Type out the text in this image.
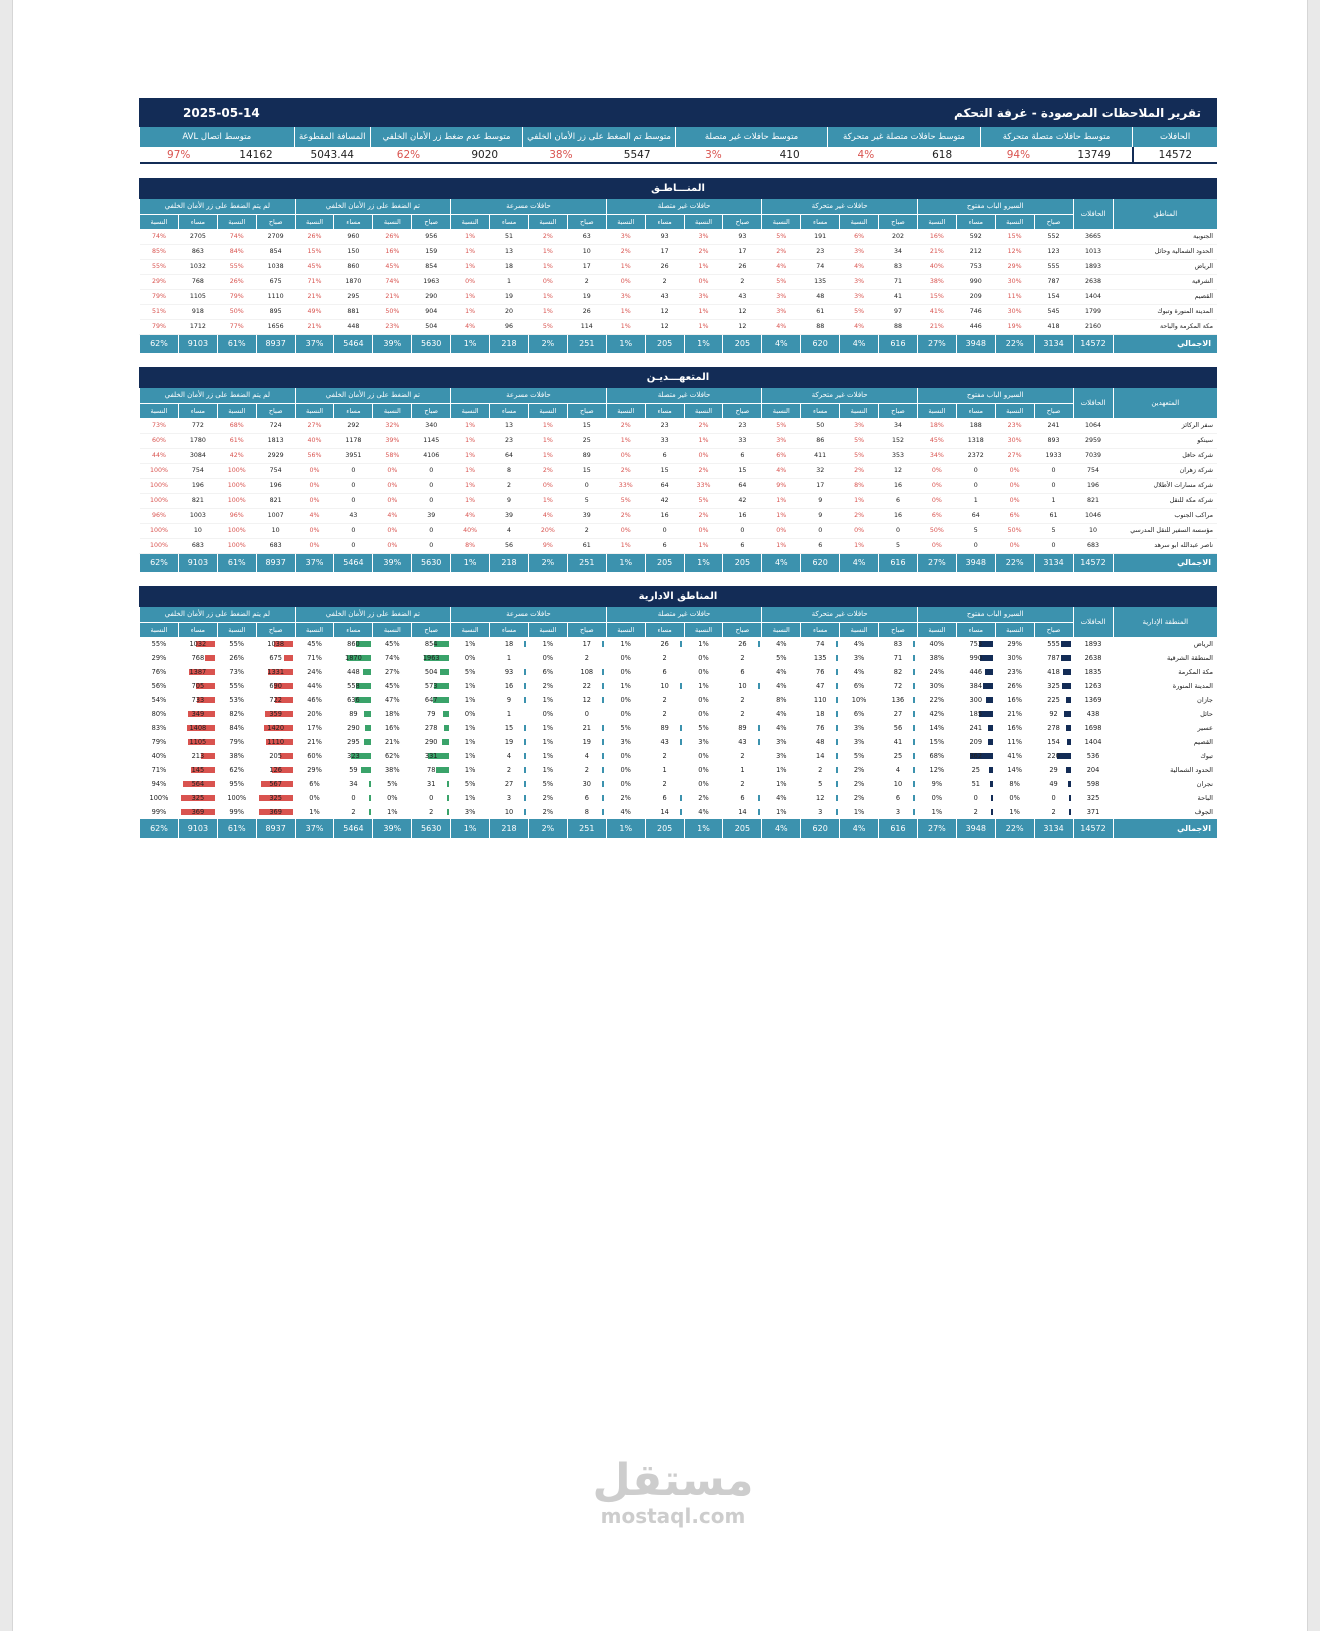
تقرير الملاحظات المرصودة - غرفة التحكم
2025-05-14
الحافلات	متوسط حافلات متصلة متحركة		متوسط حافلات متصلة غير متحركة		متوسط حافلات غير متصلة		متوسط تم الضغط على زر الأمان الخلفي		متوسط عدم ضغط زر الأمان الخلفي		المسافة المقطوعة	متوسط اتصال AVL	
14572	13749	94%	618	4%	410	3%	5547	38%	9020	62%	5043.44	14162	97%
المنـــاطـق
المناطق	الحافلات	السيرو الباب مفتوح				حافلات غير متحركة				حافلات غير متصلة				حافلات مسرعة				تم الضغط على زر الأمان الخلفي				لم يتم الضغط على زر الأمان الخلفي			
		صباح	النسبة	مساء	النسبة	صباح	النسبة	مساء	النسبة	صباح	النسبة	مساء	النسبة	صباح	النسبة	مساء	النسبة	صباح	النسبة	مساء	النسبة	صباح	النسبة	مساء	النسبة
الجنوبية	3665	552	15%	592	16%	202	6%	191	5%	93	3%	93	3%	63	2%	51	1%	956	26%	960	26%	2709	74%	2705	74%
الحدود الشمالية وحائل	1013	123	12%	212	21%	34	3%	23	2%	17	2%	17	2%	10	1%	13	1%	159	16%	150	15%	854	84%	863	85%
الرياض	1893	555	29%	753	40%	83	4%	74	4%	26	1%	26	1%	17	1%	18	1%	854	45%	860	45%	1038	55%	1032	55%
الشرقية	2638	787	30%	990	38%	71	3%	135	5%	2	0%	2	0%	2	0%	1	0%	1963	74%	1870	71%	675	26%	768	29%
القصيم	1404	154	11%	209	15%	41	3%	48	3%	43	3%	43	3%	19	1%	19	1%	290	21%	295	21%	1110	79%	1105	79%
المدينة المنورة وتبوك	1799	545	30%	746	41%	97	5%	61	3%	12	1%	12	1%	26	1%	20	1%	904	50%	881	49%	895	50%	918	51%
مكة المكرمة والباحة	2160	418	19%	446	21%	88	4%	88	4%	12	1%	12	1%	114	5%	96	4%	504	23%	448	21%	1656	77%	1712	79%
الاجمالي	14572	3134	22%	3948	27%	616	4%	620	4%	205	1%	205	1%	251	2%	218	1%	5630	39%	5464	37%	8937	61%	9103	62%
المتعهـــديـن
المتعهدين	الحافلات	السيرو الباب مفتوح				حافلات غير متحركة				حافلات غير متصلة				حافلات مسرعة				تم الضغط على زر الأمان الخلفي				لم يتم الضغط على زر الأمان الخلفي			
		صباح	النسبة	مساء	النسبة	صباح	النسبة	مساء	النسبة	صباح	النسبة	مساء	النسبة	صباح	النسبة	مساء	النسبة	صباح	النسبة	مساء	النسبة	صباح	النسبة	مساء	النسبة
سفر الركائز	1064	241	23%	188	18%	34	3%	50	5%	23	2%	23	2%	15	1%	13	1%	340	32%	292	27%	724	68%	772	73%
سينكو	2959	893	30%	1318	45%	152	5%	86	3%	33	1%	33	1%	25	1%	23	1%	1145	39%	1178	40%	1813	61%	1780	60%
شركة حافل	7039	1933	27%	2372	34%	353	5%	411	6%	6	0%	6	0%	89	1%	64	1%	4106	58%	3951	56%	2929	42%	3084	44%
شركة زهران	754	0	0%	0	0%	12	2%	32	4%	15	2%	15	2%	15	2%	8	1%	0	0%	0	0%	754	100%	754	100%
شركة مسارات الأطلال	196	0	0%	0	0%	16	8%	17	9%	64	33%	64	33%	0	0%	2	1%	0	0%	0	0%	196	100%	196	100%
شركة مكة للنقل	821	1	0%	1	0%	6	1%	9	1%	42	5%	42	5%	5	1%	9	1%	0	0%	0	0%	821	100%	821	100%
مراكب الجنوب	1046	61	6%	64	6%	16	2%	9	1%	16	2%	16	2%	39	4%	39	4%	39	4%	43	4%	1007	96%	1003	96%
مؤسسة السفير للنقل المدرسي	10	5	50%	5	50%	0	0%	0	0%	0	0%	0	0%	2	20%	4	40%	0	0%	0	0%	10	100%	10	100%
ناصر عبدالله ابو سرهد	683	0	0%	0	0%	5	1%	6	1%	6	1%	6	1%	61	9%	56	8%	0	0%	0	0%	683	100%	683	100%
الاجمالي	14572	3134	22%	3948	27%	616	4%	620	4%	205	1%	205	1%	251	2%	218	1%	5630	39%	5464	37%	8937	61%	9103	62%
المناطق الادارية
المنطقة الإدارية	الحافلات	السيرو الباب مفتوح				حافلات غير متحركة				حافلات غير متصلة				حافلات مسرعة				تم الضغط على زر الأمان الخلفي				لم يتم الضغط على زر الأمان الخلفي			
		صباح	النسبة	مساء	النسبة	صباح	النسبة	مساء	النسبة	صباح	النسبة	مساء	النسبة	صباح	النسبة	مساء	النسبة	صباح	النسبة	مساء	النسبة	صباح	النسبة	مساء	النسبة
الرياض	1893	555	29%	753	40%	83	4%	74	4%	26	1%	26	1%	17	1%	18	1%	854	45%	860	45%	1038	55%	1032	55%
المنطقة الشرقية	2638	787	30%	990	38%	71	3%	135	5%	2	0%	2	0%	2	0%	1	0%	1963	74%	1870	71%	675	26%	768	29%
مكة المكرمة	1835	418	23%	446	24%	82	4%	76	4%	6	0%	6	0%	108	6%	93	5%	504	27%	448	24%	1331	73%	1387	76%
المدينة المنورة	1263	325	26%	384	30%	72	6%	47	4%	10	1%	10	1%	22	2%	16	1%	573	45%	558	44%	690	55%	705	56%
جازان	1369	225	16%	300	22%	136	10%	110	8%	2	0%	2	0%	12	1%	9	1%	647	47%	636	46%	722	53%	733	54%
حائل	438	92	21%	185	42%	27	6%	18	4%	2	0%	2	0%	0	0%	1	0%	79	18%	89	20%	359	82%	349	80%
عسير	1698	278	16%	241	14%	56	3%	76	4%	89	5%	89	5%	21	1%	15	1%	278	16%	290	17%	1420	84%	1408	83%
القصيم	1404	154	11%	209	15%	41	3%	48	3%	43	3%	43	3%	19	1%	19	1%	290	21%	295	21%	1110	79%	1105	79%
تبوك	536	220	41%	362	68%	25	5%	14	3%	2	0%	2	0%	4	1%	4	1%	331	62%	323	60%	205	38%	213	40%
الحدود الشمالية	204	29	14%	25	12%	4	2%	2	1%	1	0%	1	0%	2	1%	2	1%	78	38%	59	29%	126	62%	145	71%
نجران	598	49	8%	51	9%	10	2%	5	1%	2	0%	2	0%	30	5%	27	5%	31	5%	34	6%	567	95%	564	94%
الباحة	325	0	0%	0	0%	6	2%	12	4%	6	2%	6	2%	6	2%	3	1%	0	0%	0	0%	325	100%	325	100%
الجوف	371	2	1%	2	1%	3	1%	3	1%	14	4%	14	4%	8	2%	10	3%	2	1%	2	1%	369	99%	369	99%
الاجمالي	14572	3134	22%	3948	27%	616	4%	620	4%	205	1%	205	1%	251	2%	218	1%	5630	39%	5464	37%	8937	61%	9103	62%
مستقل
mostaql.com
